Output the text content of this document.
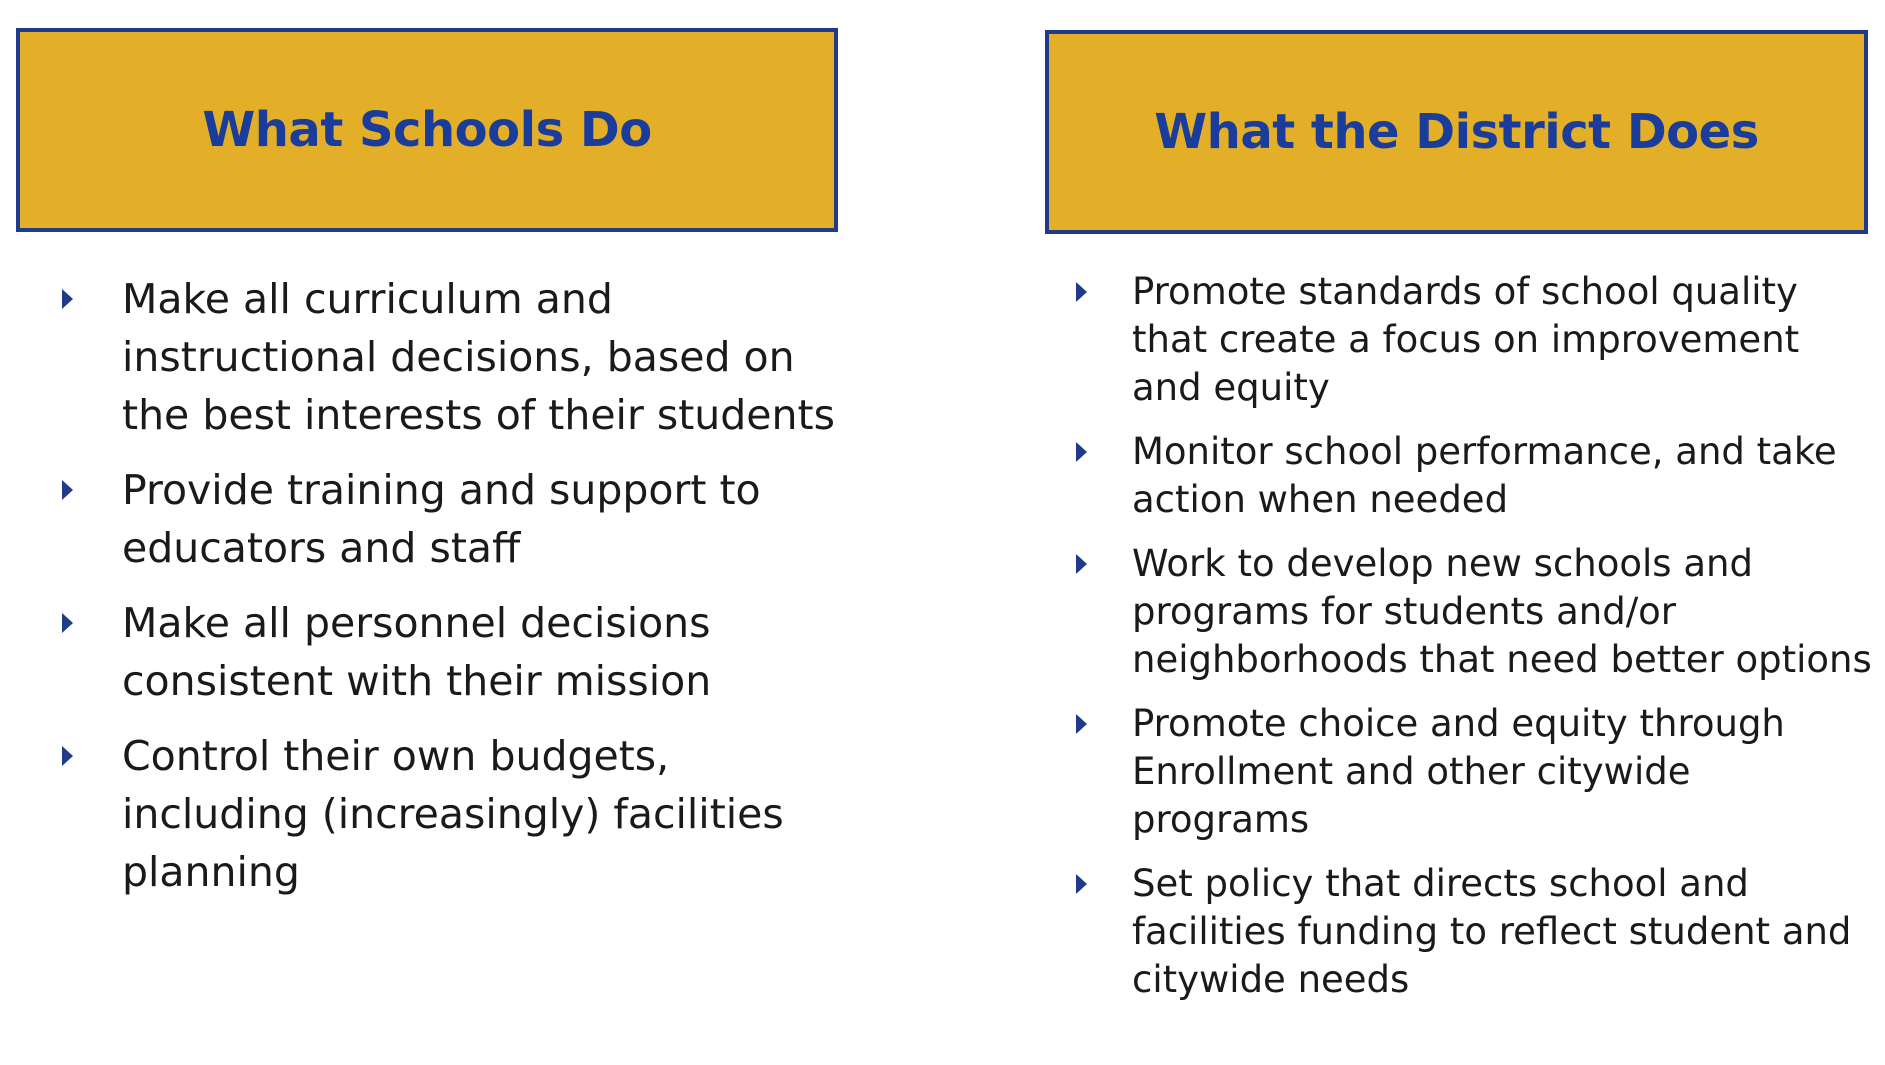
What Schools Do	What the District Does
Make all curriculum and instructional decisions, based on the best interests of their students
Provide training and support to educators and staff
Make all personnel decisions consistent with their mission
Control their own budgets, including (increasingly) facilities planning
Promote standards of school quality that create a focus on improvement and equity
Monitor school performance, and take action when needed
Work to develop new schools and programs for students and/or neighborhoods that need better options
Promote choice and equity through Enrollment and other citywide programs
Set policy that directs school and facilities funding to reflect student and citywide needs
